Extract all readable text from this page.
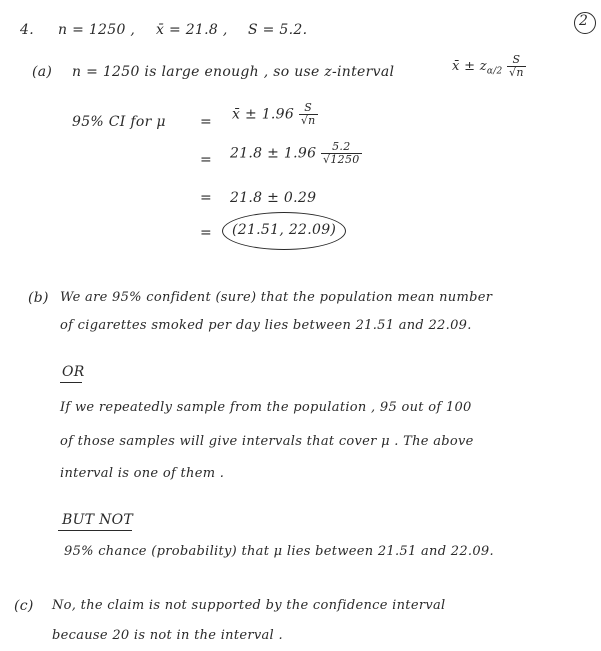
2
4. n = 1250 , x̄ = 21.8 , S = 5.2.
(a) n = 1250 is large enough , so use z-interval	x̄ ± $z_{\alpha/2} \frac{S}{√n}$
95% CI for μ = x̄ ± $1.96 \frac{S}{√n}$
= $21.8 \pm 1.96 \frac{5.2}{√1250}$
= 21.8 ± 0.29
= (21.51, 22.09)
(b) We are 95% confident (sure) that the population mean number
of cigarettes smoked per day lies between 21.51 and 22.09.
OR
If we repeatedly sample from the population , 95 out of 100
of those samples will give intervals that cover μ . The above
interval is one of them .
BUT NOT
95% chance (probability) that μ lies between 21.51 and 22.09.
(c) No, the claim is not supported by the confidence interval
because 20 is not in the interval .
